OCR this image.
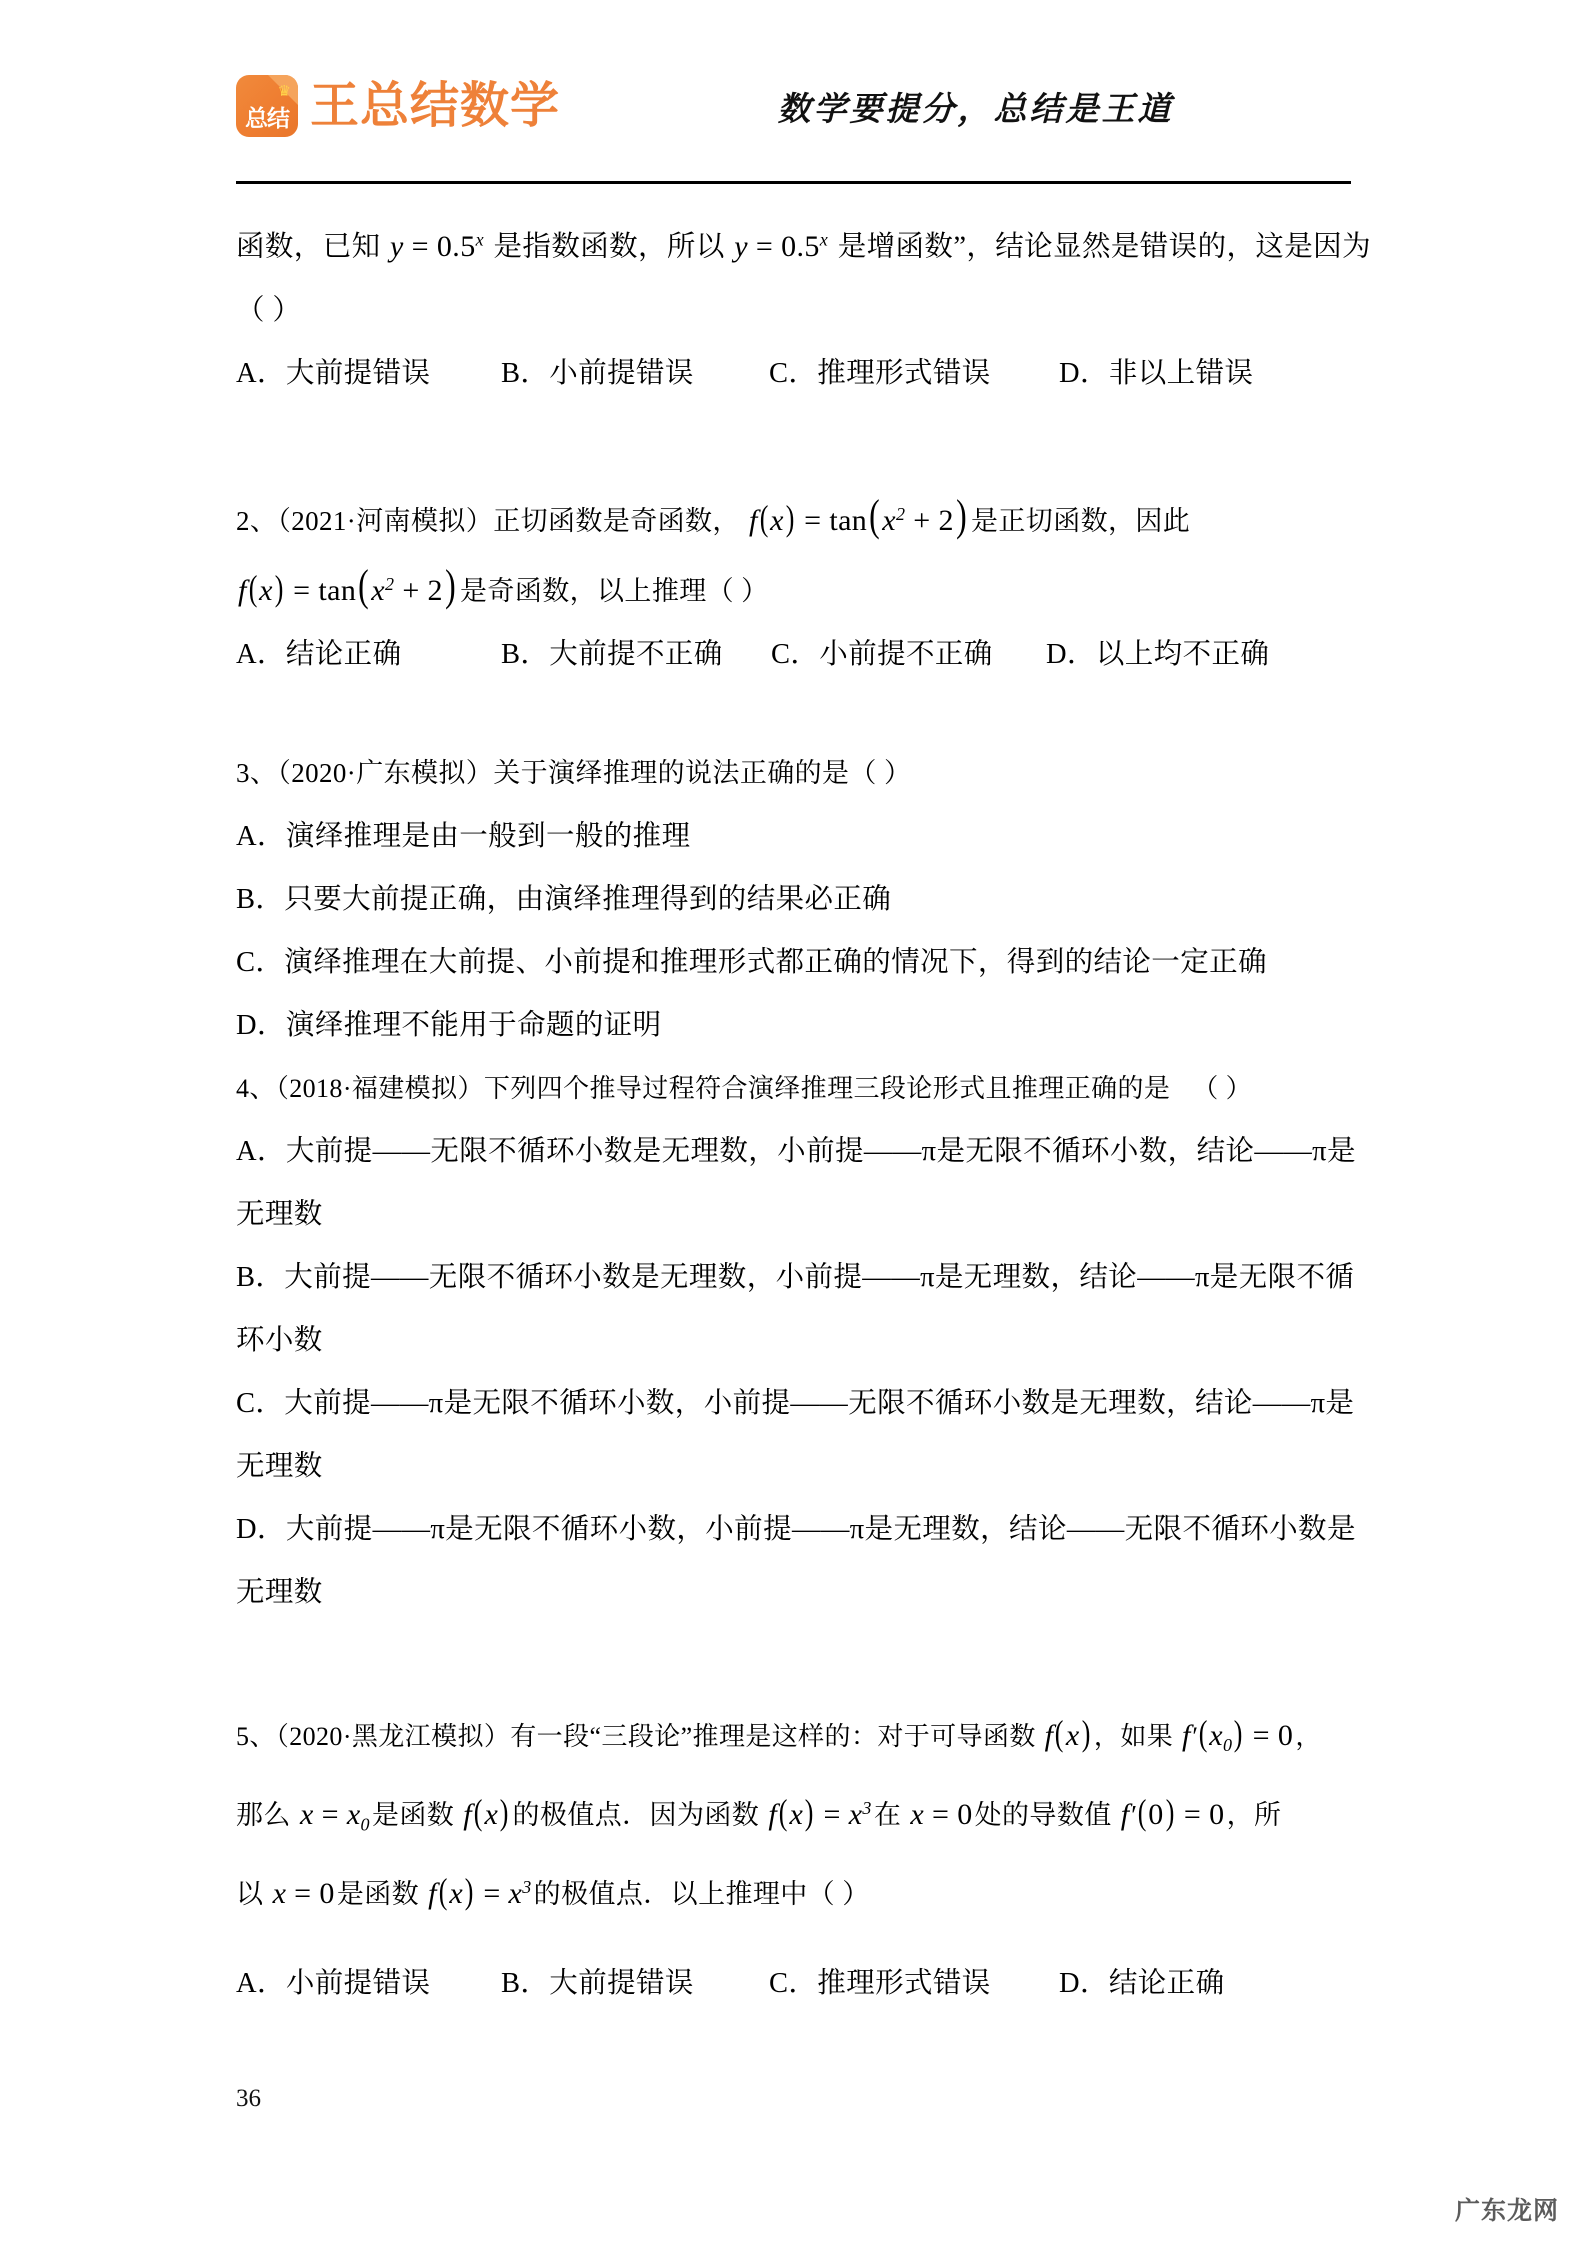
♛
总结 王总结数学	数学要提分，总结是王道
函数，已知 $y = 0.5^x$ 是指数函数，所以 $y = 0.5^x$ 是增函数”，结论显然是错误的，这是因为
（ ）
A．大前提错误	B．小前提错误	C．推理形式错误	D．非以上错误
2、（2021·河南模拟）正切函数是奇函数， $f(x) = \tan(x^2 + 2)$ 是正切函数，因此
$f(x) = \tan(x^2 + 2)$ 是奇函数，以上推理（ ）
A．结论正确	B．大前提不正确	C．小前提不正确	D．以上均不正确
3、（2020·广东模拟）关于演绎推理的说法正确的是（ ）
A．演绎推理是由一般到一般的推理
B．只要大前提正确，由演绎推理得到的结果必正确
C．演绎推理在大前提、小前提和推理形式都正确的情况下，得到的结论一定正确
D．演绎推理不能用于命题的证明
4、（2018·福建模拟）下列四个推导过程符合演绎推理三段论形式且推理正确的是 （ ）
A．大前提——无限不循环小数是无理数，小前提——π是无限不循环小数，结论——π是无理数
B．大前提——无限不循环小数是无理数，小前提——π是无理数，结论——π是无限不循环小数
C．大前提——π是无限不循环小数，小前提——无限不循环小数是无理数，结论——π是无理数
D．大前提——π是无限不循环小数，小前提——π是无理数，结论——无限不循环小数是无理数
5、（2020·黑龙江模拟）有一段“三段论”推理是这样的：对于可导函数 f(x) ，如果 $f'(x_0) = 0$，
那么 $x = x_0$是函数 f(x) 的极值点．因为函数 $f(x) = x^3$在 x = 0处的导数值 f′(0) = 0，所
以 x = 0是函数 $f(x) = x^3$的极值点．以上推理中（ ）
A．小前提错误	B．大前提错误	C．推理形式错误	D．结论正确
36
广东龙网
